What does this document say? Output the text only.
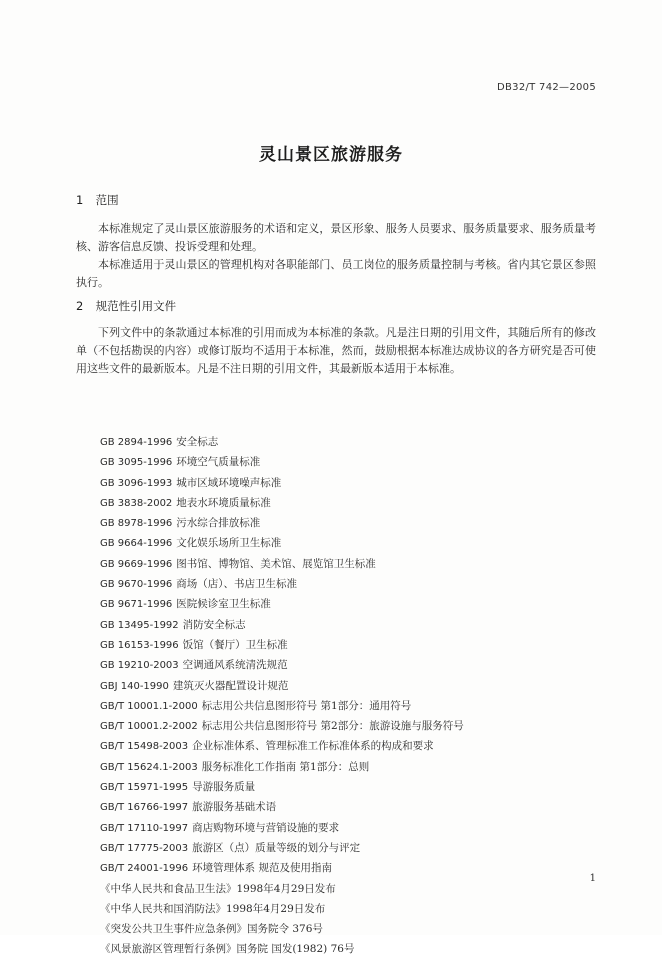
DB32/T 742—2005
灵山景区旅游服务
1 范围
本标准规定了灵山景区旅游服务的术语和定义，景区形象、服务人员要求、服务质量要求、服务质量考核、游客信息反馈、投诉受理和处理。
本标准适用于灵山景区的管理机构对各职能部门、员工岗位的服务质量控制与考核。省内其它景区参照执行。
2 规范性引用文件
下列文件中的条款通过本标准的引用而成为本标准的条款。凡是注日期的引用文件，其随后所有的修改单（不包括勘误的内容）或修订版均不适用于本标准，然而，鼓励根据本标准达成协议的各方研究是否可使用这些文件的最新版本。凡是不注日期的引用文件，其最新版本适用于本标准。
GB 2894-1996 安全标志
GB 3095-1996 环境空气质量标准
GB 3096-1993 城市区域环境噪声标准
GB 3838-2002 地表水环境质量标准
GB 8978-1996 污水综合排放标准
GB 9664-1996 文化娱乐场所卫生标准
GB 9669-1996 图书馆、博物馆、美术馆、展览馆卫生标准
GB 9670-1996 商场（店）、书店卫生标准
GB 9671-1996 医院候诊室卫生标准
GB 13495-1992 消防安全标志
GB 16153-1996 饭馆（餐厅）卫生标准
GB 19210-2003 空调通风系统清洗规范
GBJ 140-1990 建筑灭火器配置设计规范
GB/T 10001.1-2000 标志用公共信息图形符号 第1部分：通用符号
GB/T 10001.2-2002 标志用公共信息图形符号 第2部分：旅游设施与服务符号
GB/T 15498-2003 企业标准体系、管理标准工作标准体系的构成和要求
GB/T 15624.1-2003 服务标准化工作指南 第1部分：总则
GB/T 15971-1995 导游服务质量
GB/T 16766-1997 旅游服务基础术语
GB/T 17110-1997 商店购物环境与营销设施的要求
GB/T 17775-2003 旅游区（点）质量等级的划分与评定
GB/T 24001-1996 环境管理体系 规范及使用指南
《中华人民共和食品卫生法》1998年4月29日发布
《中华人民共和国消防法》1998年4月29日发布
《突发公共卫生事件应急条例》国务院令 376号
《风景旅游区管理暂行条例》国务院 国发(1982) 76号
1
